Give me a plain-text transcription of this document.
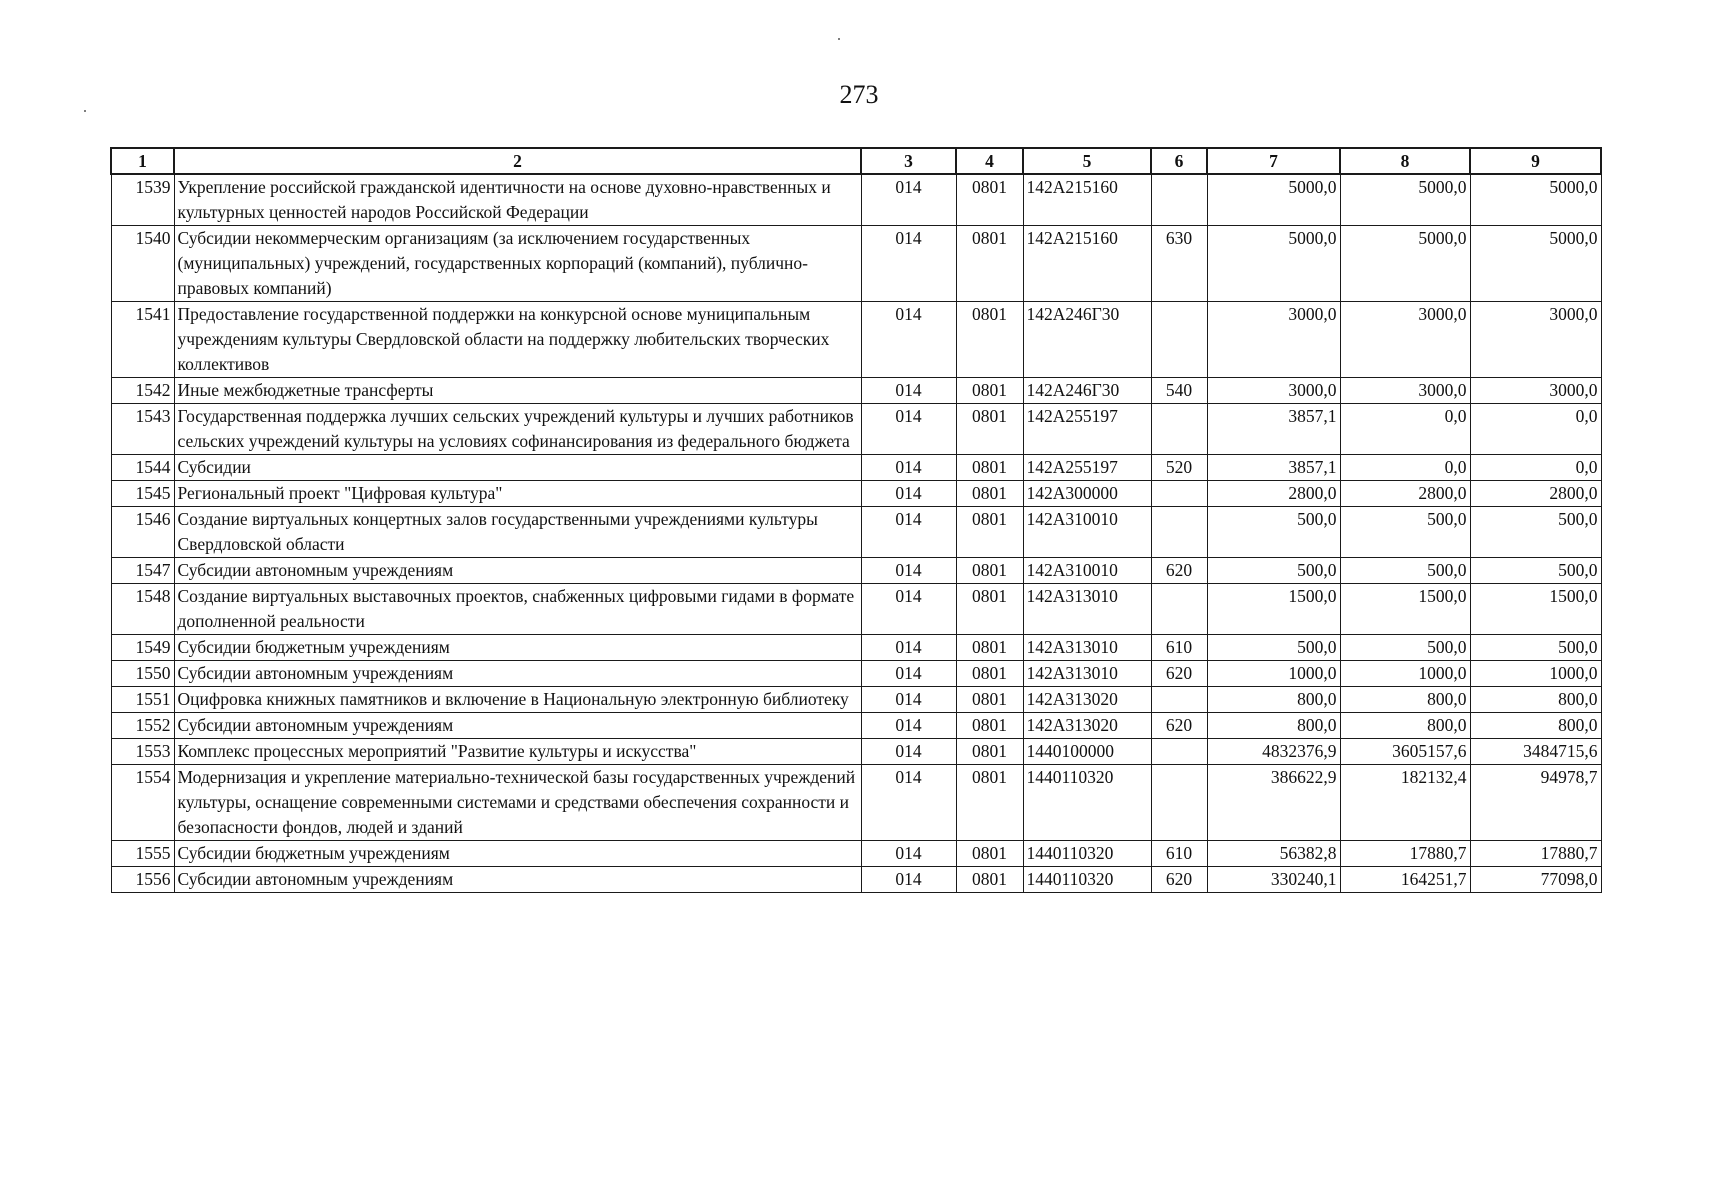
273
1	2	3	4	5	6	7	8	9
1539	Укрепление российской гражданской идентичности на основе духовно-нравственных и культурных ценностей народов Российской Федерации	014	0801	142A215160		5000,0	5000,0	5000,0
1540	Субсидии некоммерческим организациям (за исключением государственных (муниципальных) учреждений, государственных корпораций (компаний), публично-правовых компаний)	014	0801	142A215160	630	5000,0	5000,0	5000,0
1541	Предоставление государственной поддержки на конкурсной основе муниципальным учреждениям культуры Свердловской области на поддержку любительских творческих коллективов	014	0801	142A246Г30		3000,0	3000,0	3000,0
1542	Иные межбюджетные трансферты	014	0801	142A246Г30	540	3000,0	3000,0	3000,0
1543	Государственная поддержка лучших сельских учреждений культуры и лучших работников сельских учреждений культуры на условиях софинансирования из федерального бюджета	014	0801	142A255197		3857,1	0,0	0,0
1544	Субсидии	014	0801	142A255197	520	3857,1	0,0	0,0
1545	Региональный проект "Цифровая культура"	014	0801	142A300000		2800,0	2800,0	2800,0
1546	Создание виртуальных концертных залов государственными учреждениями культуры Свердловской области	014	0801	142A310010		500,0	500,0	500,0
1547	Субсидии автономным учреждениям	014	0801	142A310010	620	500,0	500,0	500,0
1548	Создание виртуальных выставочных проектов, снабженных цифровыми гидами в формате дополненной реальности	014	0801	142A313010		1500,0	1500,0	1500,0
1549	Субсидии бюджетным учреждениям	014	0801	142A313010	610	500,0	500,0	500,0
1550	Субсидии автономным учреждениям	014	0801	142A313010	620	1000,0	1000,0	1000,0
1551	Оцифровка книжных памятников и включение в Национальную электронную библиотеку	014	0801	142A313020		800,0	800,0	800,0
1552	Субсидии автономным учреждениям	014	0801	142A313020	620	800,0	800,0	800,0
1553	Комплекс процессных мероприятий "Развитие культуры и искусства"	014	0801	1440100000		4832376,9	3605157,6	3484715,6
1554	Модернизация и укрепление материально-технической базы государственных учреждений культуры, оснащение современными системами и средствами обеспечения сохранности и безопасности фондов, людей и зданий	014	0801	1440110320		386622,9	182132,4	94978,7
1555	Субсидии бюджетным учреждениям	014	0801	1440110320	610	56382,8	17880,7	17880,7
1556	Субсидии автономным учреждениям	014	0801	1440110320	620	330240,1	164251,7	77098,0
